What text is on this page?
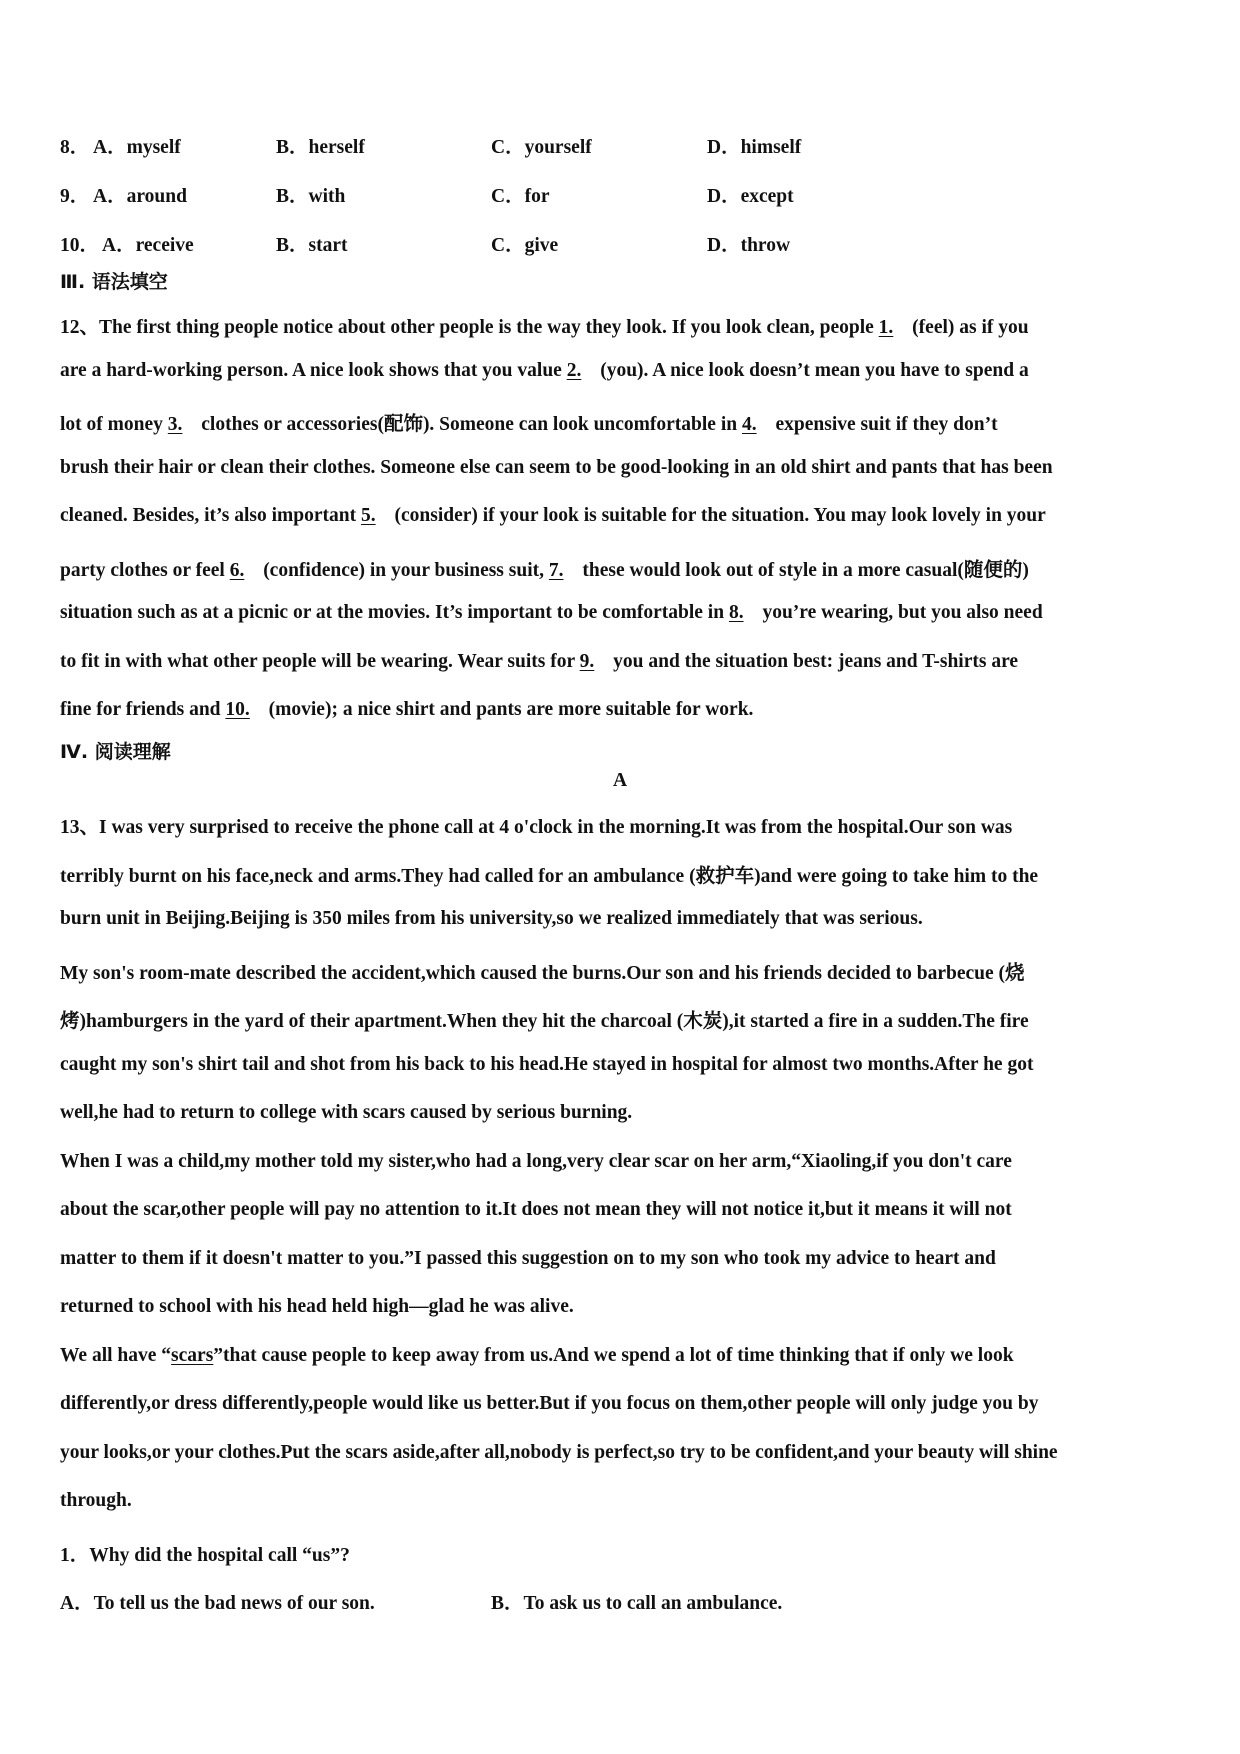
8． A．myself	B．herself	C．yourself	D．himself
9． A．around	B．with	C．for	D．except
10． A．receive	B．start	C．give	D．throw
Ⅲ. 语法填空
12、The first thing people notice about other people is the way they look. If you look clean, people 1. (feel) as if you
are a hard-working person. A nice look shows that you value 2. (you). A nice look doesn’t mean you have to spend a
lot of money 3. clothes or accessories(配饰). Someone can look uncomfortable in 4. expensive suit if they don’t
brush their hair or clean their clothes. Someone else can seem to be good-looking in an old shirt and pants that has been
cleaned. Besides, it’s also important 5. (consider) if your look is suitable for the situation. You may look lovely in your
party clothes or feel 6. (confidence) in your business suit, 7. these would look out of style in a more casual(随便的)
situation such as at a picnic or at the movies. It’s important to be comfortable in 8. you’re wearing, but you also need
to fit in with what other people will be wearing. Wear suits for 9. you and the situation best: jeans and T-shirts are
fine for friends and 10. (movie); a nice shirt and pants are more suitable for work.
Ⅳ. 阅读理解
A
13、I was very surprised to receive the phone call at 4 o'clock in the morning.It was from the hospital.Our son was
terribly burnt on his face,neck and arms.They had called for an ambulance (救护车)and were going to take him to the
burn unit in Beijing.Beijing is 350 miles from his university,so we realized immediately that was serious.
My son's room-mate described the accident,which caused the burns.Our son and his friends decided to barbecue (烧
烤)hamburgers in the yard of their apartment.When they hit the charcoal (木炭),it started a fire in a sudden.The fire
caught my son's shirt tail and shot from his back to his head.He stayed in hospital for almost two months.After he got
well,he had to return to college with scars caused by serious burning.
When I was a child,my mother told my sister,who had a long,very clear scar on her arm,“Xiaoling,if you don't care
about the scar,other people will pay no attention to it.It does not mean they will not notice it,but it means it will not
matter to them if it doesn't matter to you.”I passed this suggestion on to my son who took my advice to heart and
returned to school with his head held high—glad he was alive.
We all have “scars”that cause people to keep away from us.And we spend a lot of time thinking that if only we look
differently,or dress differently,people would like us better.But if you focus on them,other people will only judge you by
your looks,or your clothes.Put the scars aside,after all,nobody is perfect,so try to be confident,and your beauty will shine
through.
1．Why did the hospital call “us”?
A．To tell us the bad news of our son.	B．To ask us to call an ambulance.
